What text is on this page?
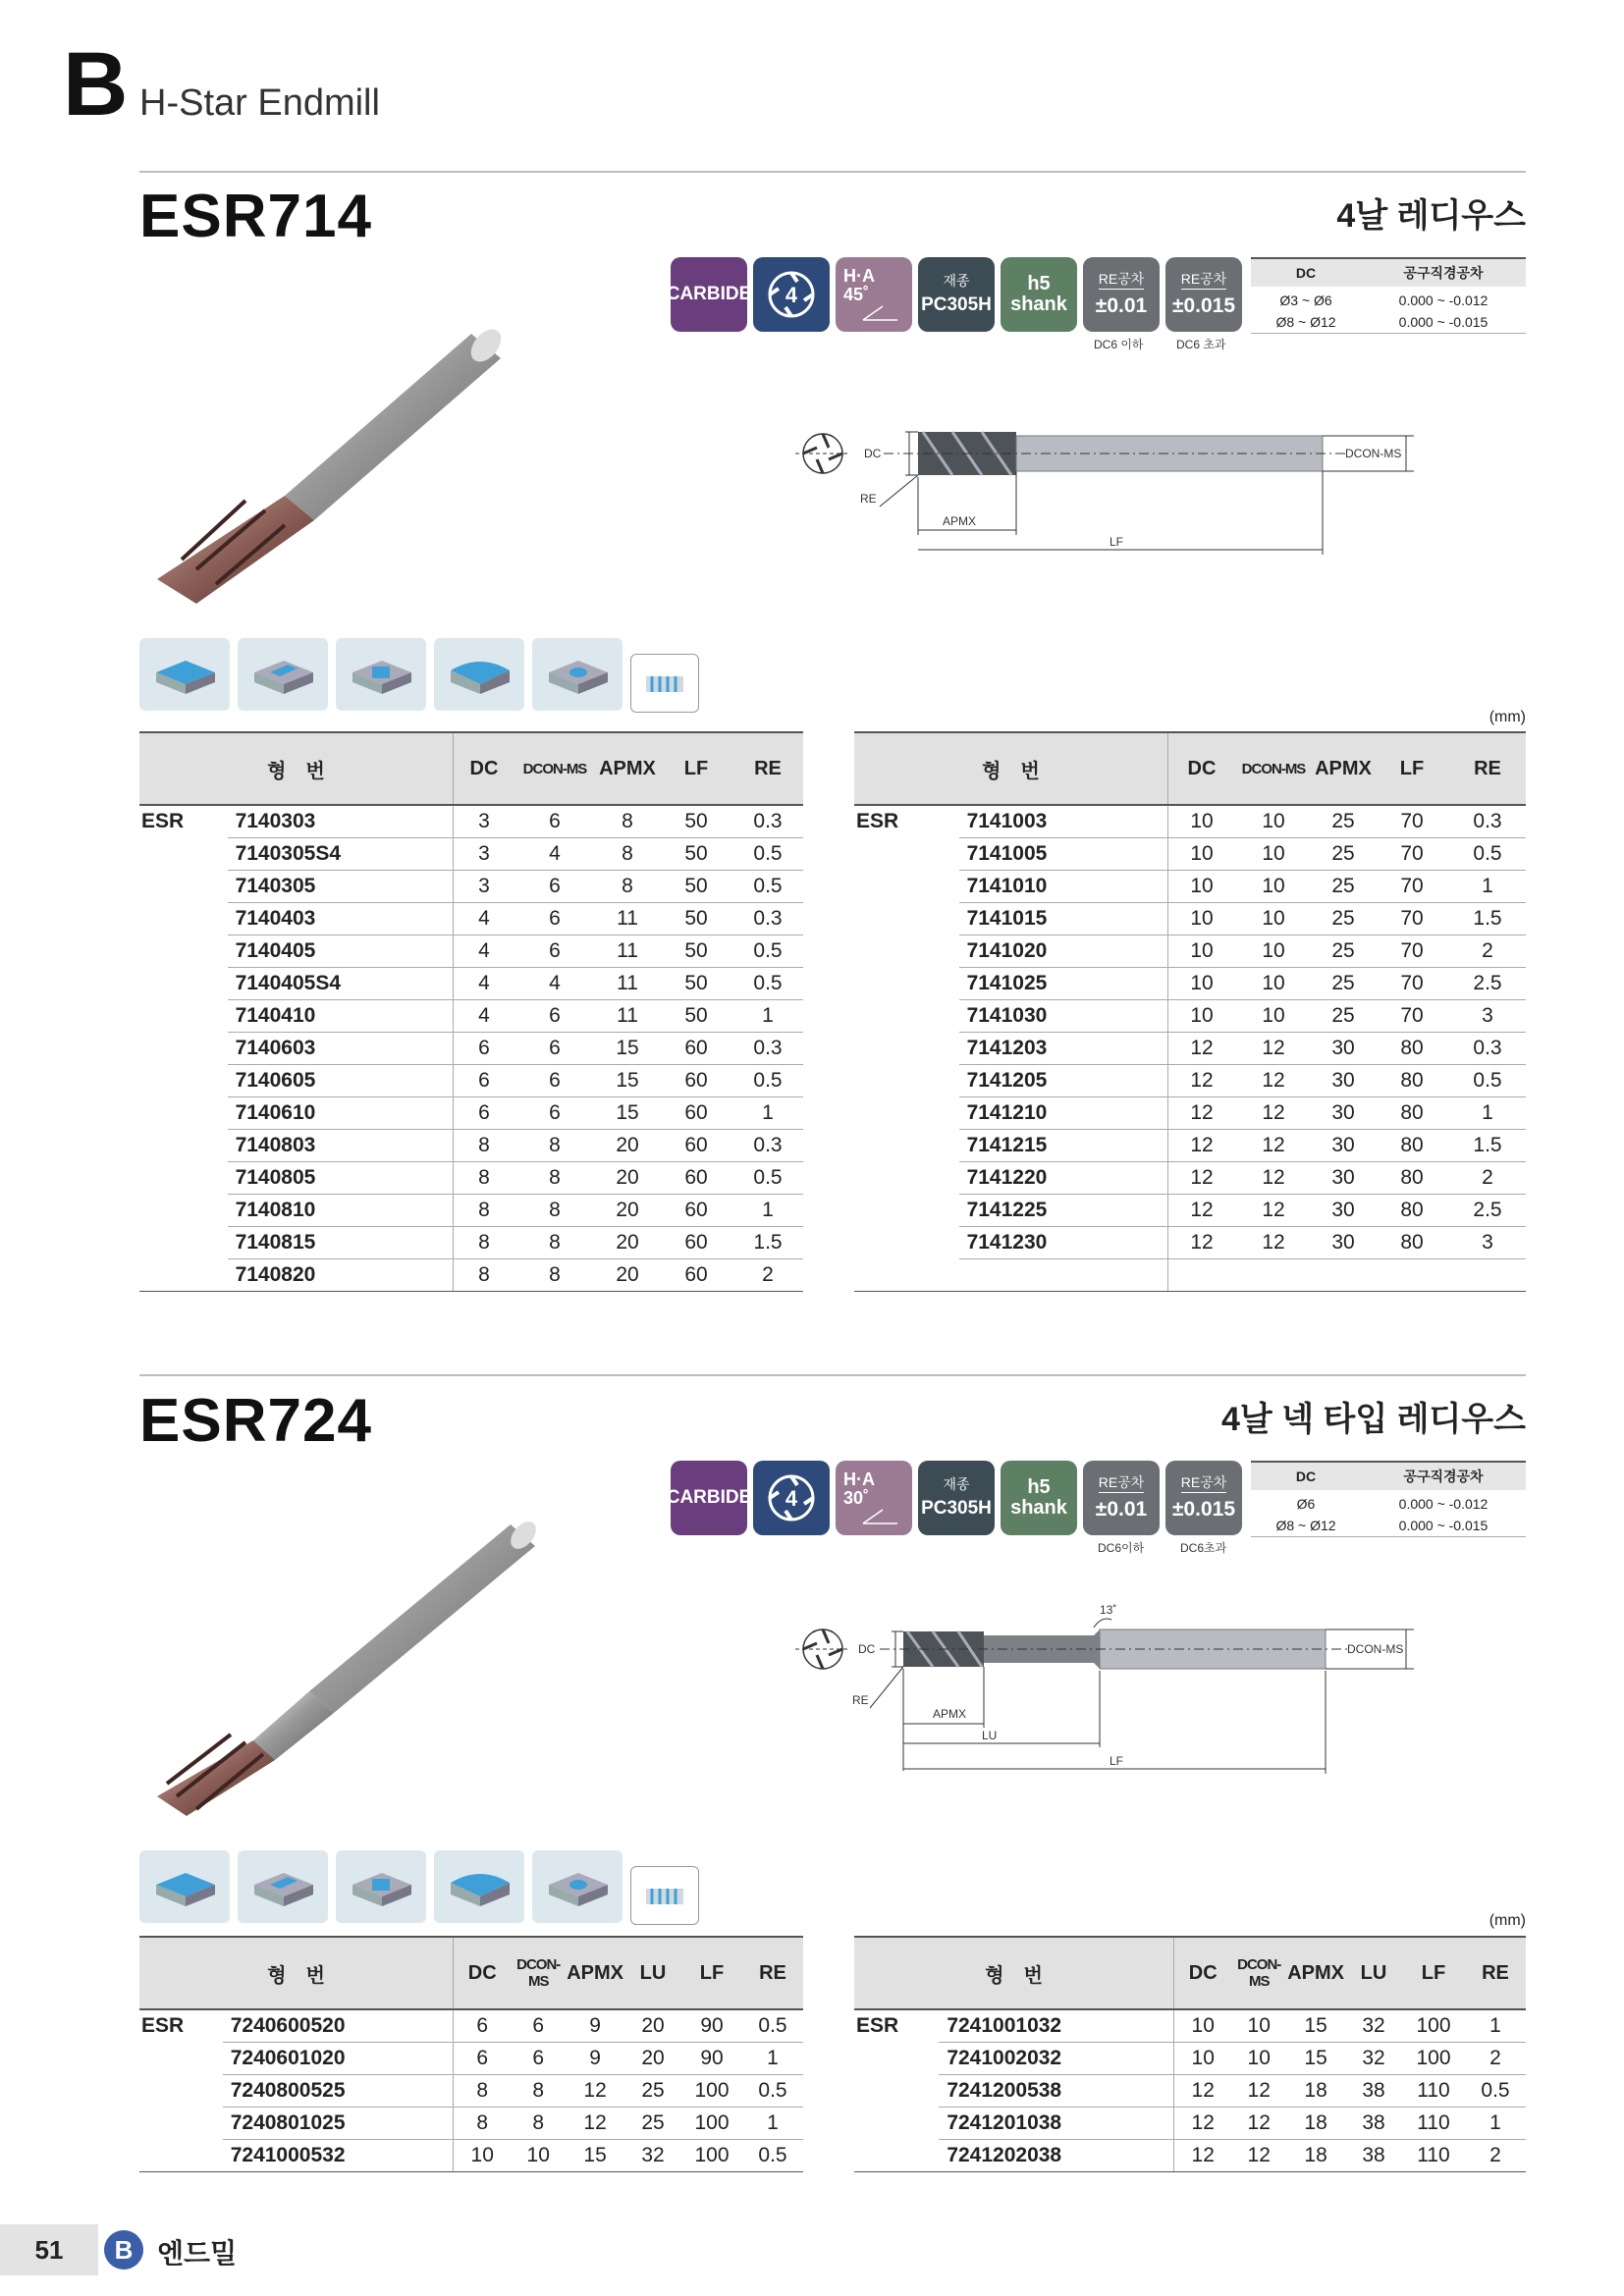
B H-Star Endmill
ESR714	4날 레디우스
CARBIDE 4
H·A
45˚
재종
PC305H
h5
shank
RE공차
±0.01
RE공차
±0.015
DC6 이하	DC6 초과
DC	공구직경공차
Ø3 ~ Ø6	0.000 ~ -0.012
Ø8 ~ Ø12	0.000 ~ -0.015
DC	DCON-MS
RE
APMX
LF
(mm)
형　번		DC	DCON-MS	APMX	LF	RE
ESR	7140303	3	6	8	50	0.3
	7140305S4	3	4	8	50	0.5
	7140305	3	6	8	50	0.5
	7140403	4	6	11	50	0.3
	7140405	4	6	11	50	0.5
	7140405S4	4	4	11	50	0.5
	7140410	4	6	11	50	1
	7140603	6	6	15	60	0.3
	7140605	6	6	15	60	0.5
	7140610	6	6	15	60	1
	7140803	8	8	20	60	0.3
	7140805	8	8	20	60	0.5
	7140810	8	8	20	60	1
	7140815	8	8	20	60	1.5
	7140820	8	8	20	60	2
형　번		DC	DCON-MS	APMX	LF	RE
ESR	7141003	10	10	25	70	0.3
	7141005	10	10	25	70	0.5
	7141010	10	10	25	70	1
	7141015	10	10	25	70	1.5
	7141020	10	10	25	70	2
	7141025	10	10	25	70	2.5
	7141030	10	10	25	70	3
	7141203	12	12	30	80	0.3
	7141205	12	12	30	80	0.5
	7141210	12	12	30	80	1
	7141215	12	12	30	80	1.5
	7141220	12	12	30	80	2
	7141225	12	12	30	80	2.5
	7141230	12	12	30	80	3

ESR724	4날 넥 타입 레디우스
CARBIDE 4
H·A
30˚
재종
PC305H
h5
shank
RE공차
±0.01
RE공차
±0.015
DC6이하	DC6초과
DC	공구직경공차
Ø6	0.000 ~ -0.012
Ø8 ~ Ø12	0.000 ~ -0.015
DC	DCON-MS
13˚
RE
APMX
LU
LF
(mm)
형　번		DC	DCON-MS	APMX	LU	LF	RE
ESR	7240600520	6	6	9	20	90	0.5
	7240601020	6	6	9	20	90	1
	7240800525	8	8	12	25	100	0.5
	7240801025	8	8	12	25	100	1
	7241000532	10	10	15	32	100	0.5
형　번		DC	DCON-MS	APMX	LU	LF	RE
ESR	7241001032	10	10	15	32	100	1
	7241002032	10	10	15	32	100	2
	7241200538	12	12	18	38	110	0.5
	7241201038	12	12	18	38	110	1
	7241202038	12	12	18	38	110	2
51	B 엔드밀
